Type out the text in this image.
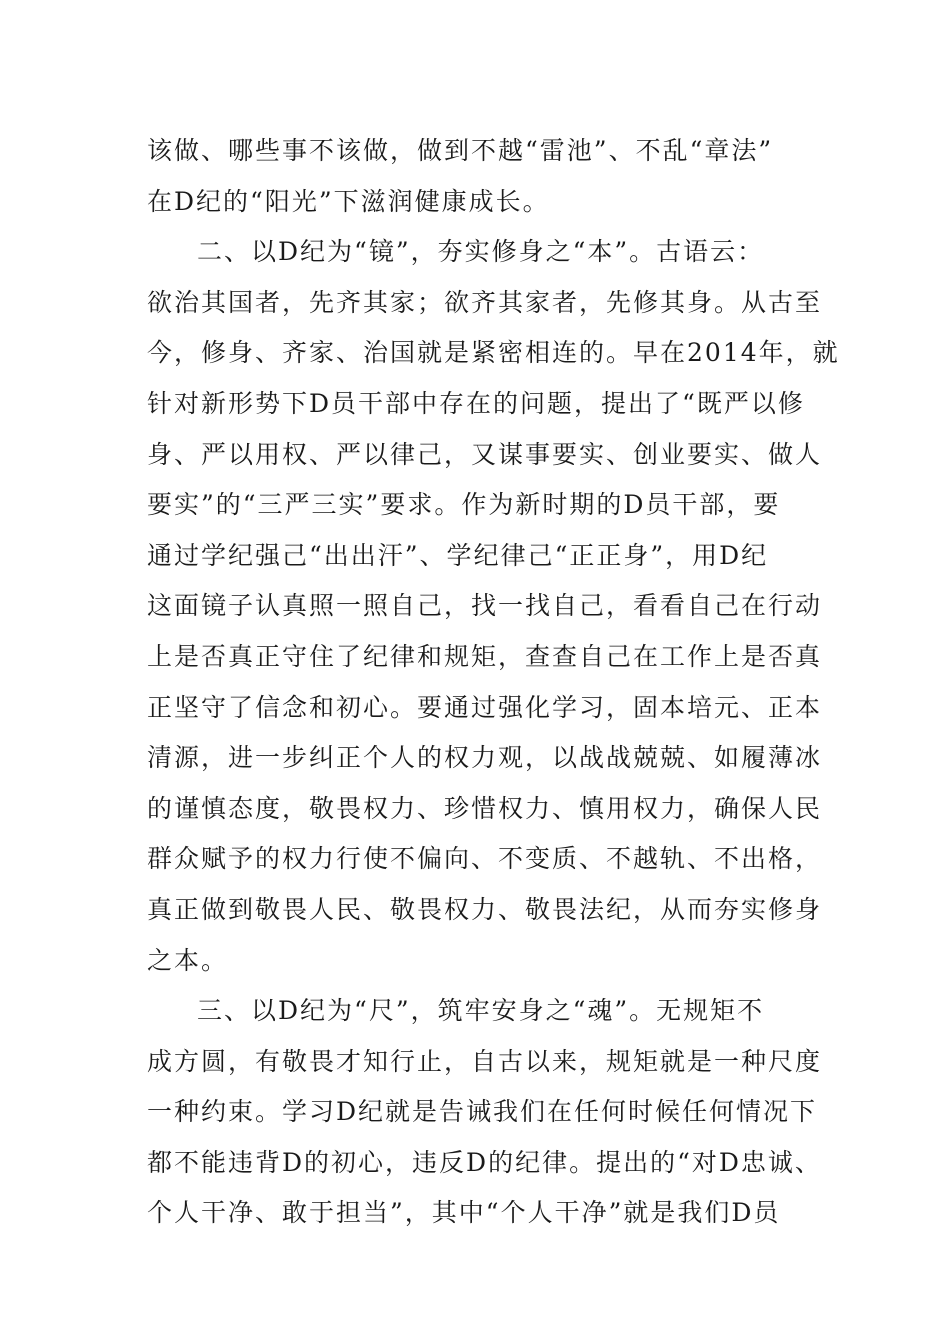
该做、哪些事不该做，做到不越“雷池”、不乱“章法”
在D纪的“阳光”下滋润健康成长。
二、以D纪为“镜”，夯实修身之“本”。古语云：
欲治其国者，先齐其家；欲齐其家者，先修其身。从古至
今，修身、齐家、治国就是紧密相连的。早在2014年，就
针对新形势下D员干部中存在的问题，提出了“既严以修
身、严以用权、严以律己，又谋事要实、创业要实、做人
要实”的“三严三实”要求。作为新时期的D员干部，要
通过学纪强己“出出汗”、学纪律己“正正身”，用D纪
这面镜子认真照一照自己，找一找自己，看看自己在行动
上是否真正守住了纪律和规矩，查查自己在工作上是否真
正坚守了信念和初心。要通过强化学习，固本培元、正本
清源，进一步纠正个人的权力观，以战战兢兢、如履薄冰
的谨慎态度，敬畏权力、珍惜权力、慎用权力，确保人民
群众赋予的权力行使不偏向、不变质、不越轨、不出格，
真正做到敬畏人民、敬畏权力、敬畏法纪，从而夯实修身
之本。
三、以D纪为“尺”，筑牢安身之“魂”。无规矩不
成方圆，有敬畏才知行止，自古以来，规矩就是一种尺度
一种约束。学习D纪就是告诫我们在任何时候任何情况下
都不能违背D的初心，违反D的纪律。提出的“对D忠诚、
个人干净、敢于担当”，其中“个人干净”就是我们D员
